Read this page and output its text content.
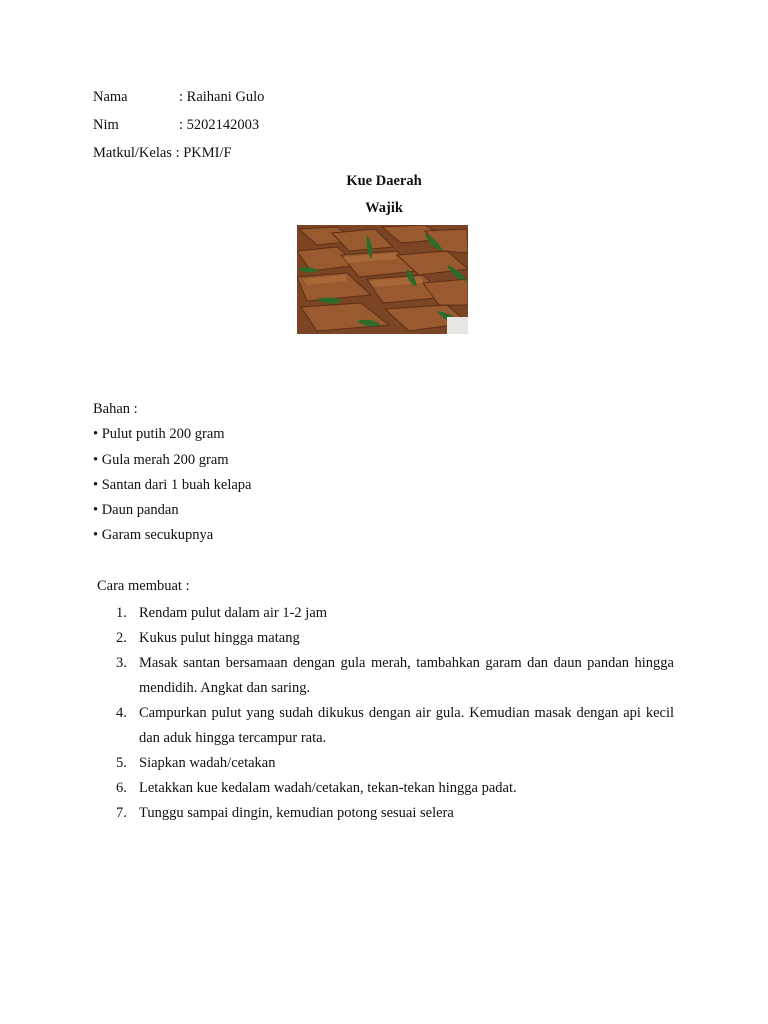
Nama	: Raihani Gulo
Nim	: 5202142003
Matkul/Kelas : PKMI/F
Kue Daerah
Wajik
Bahan :
• Pulut putih 200 gram
• Gula merah 200 gram
• Santan dari 1 buah kelapa
• Daun pandan
• Garam secukupnya
Cara membuat :
1. Rendam pulut dalam air 1-2 jam
2. Kukus pulut hingga matang
3. Masak santan bersamaan dengan gula merah, tambahkan garam dan daun pandan hingga mendidih. Angkat dan saring.
4. Campurkan pulut yang sudah dikukus dengan air gula. Kemudian masak dengan api kecil dan aduk hingga tercampur rata.
5. Siapkan wadah/cetakan
6. Letakkan kue kedalam wadah/cetakan, tekan-tekan hingga padat.
7. Tunggu sampai dingin, kemudian potong sesuai selera
